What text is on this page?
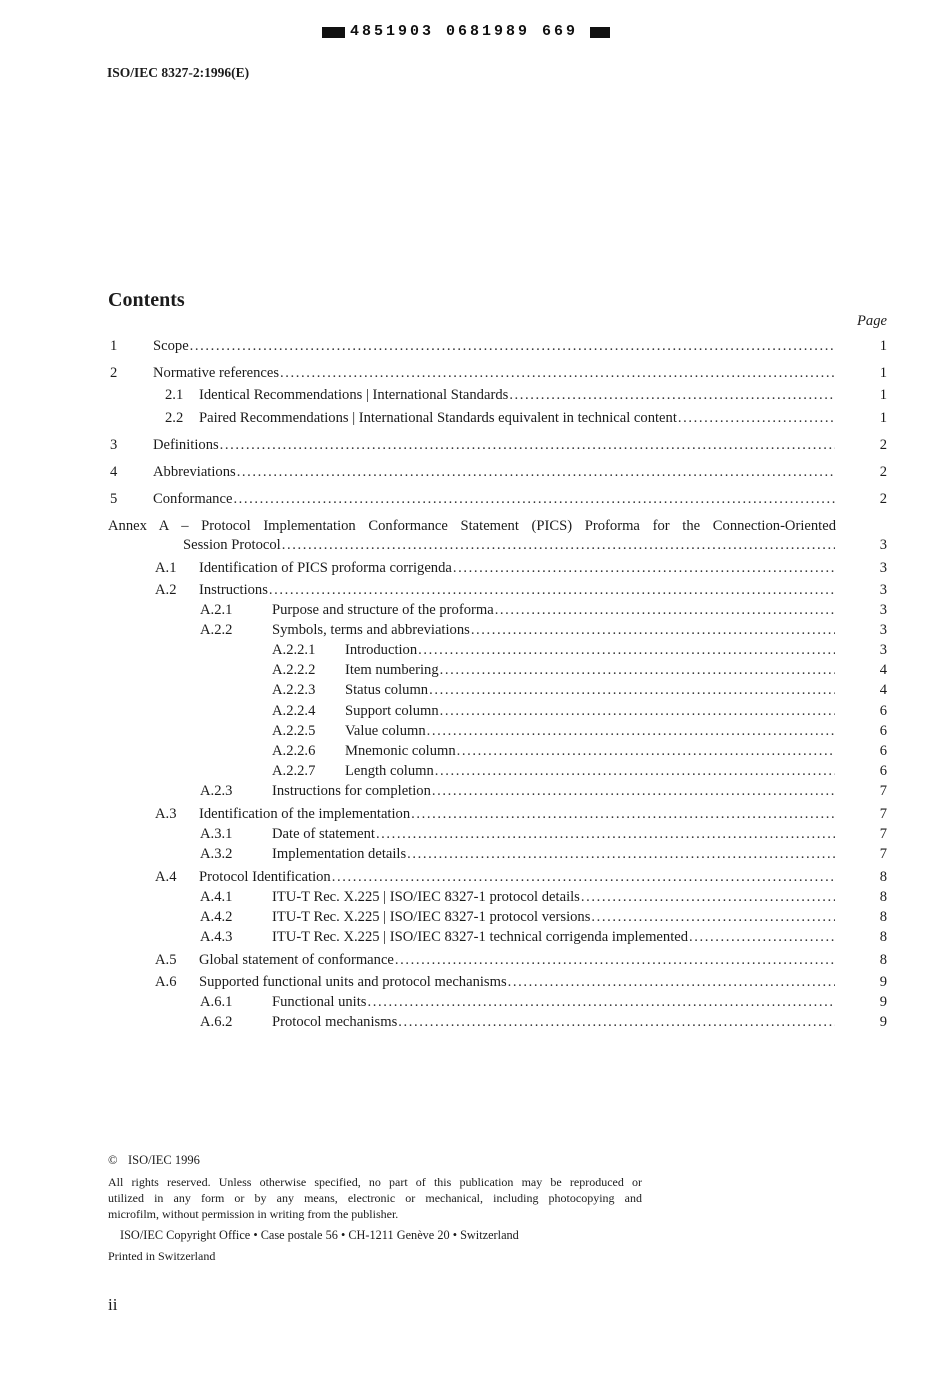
4851903 0681989 669
ISO/IEC 8327-2:1996(E)
Contents
Page
1 Scope .....	1
2 Normative references .....	1
2.1 Identical Recommendations | International Standards .....	1
2.2 Paired Recommendations | International Standards equivalent in technical content .....	1
3 Definitions .....	2
4 Abbreviations .....	2
5 Conformance .....	2
Annex A – Protocol Implementation Conformance Statement (PICS) Proforma for the Connection-Oriented
Session Protocol .....	3
A.1 Identification of PICS proforma corrigenda .....	3
A.2 Instructions .....	3
A.2.1	Purpose and structure of the proforma .....	3
A.2.2	Symbols, terms and abbreviations .....	3
A.2.2.1 Introduction .....	3
A.2.2.2 Item numbering .....	4
A.2.2.3 Status column .....	4
A.2.2.4 Support column .....	6
A.2.2.5 Value column .....	6
A.2.2.6 Mnemonic column .....	6
A.2.2.7 Length column .....	6
A.2.3	Instructions for completion .....	7
A.3 Identification of the implementation .....	7
A.3.1	Date of statement .....	7
A.3.2	Implementation details .....	7
A.4 Protocol Identification .....	8
A.4.1	ITU-T Rec. X.225 | ISO/IEC 8327-1 protocol details .....	8
A.4.2	ITU-T Rec. X.225 | ISO/IEC 8327-1 protocol versions .....	8
A.4.3	ITU-T Rec. X.225 | ISO/IEC 8327-1 technical corrigenda implemented .....	8
A.5 Global statement of conformance .....	8
A.6 Supported functional units and protocol mechanisms .....	9
A.6.1	Functional units .....	9
A.6.2	Protocol mechanisms .....	9
© ISO/IEC 1996
All rights reserved. Unless otherwise specified, no part of this publication may be reproduced or
utilized in any form or by any means, electronic or mechanical, including photocopying and
microfilm, without permission in writing from the publisher.
ISO/IEC Copyright Office • Case postale 56 • CH-1211 Genève 20 • Switzerland
Printed in Switzerland
ii
